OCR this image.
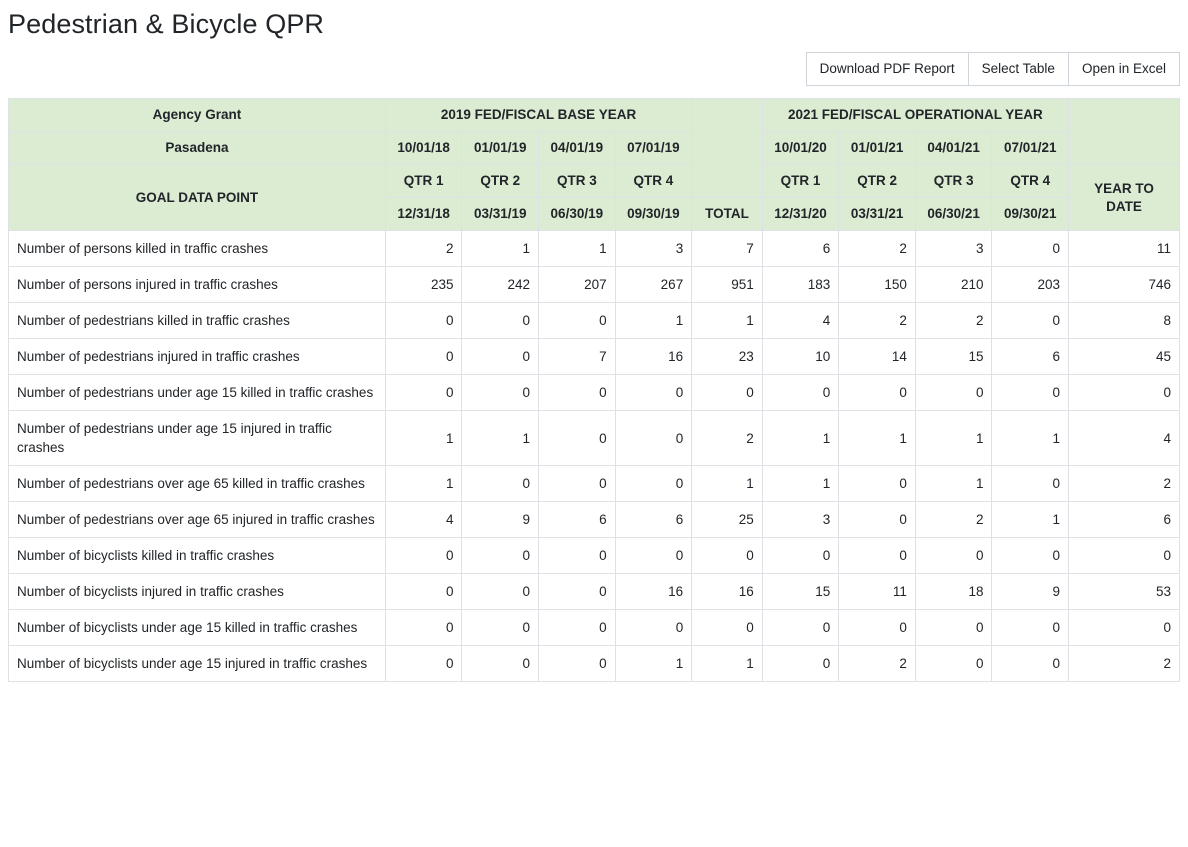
Pedestrian & Bicycle QPR
Download PDF Report	Select Table	Open in Excel
Agency Grant	2019 FED/FISCAL BASE YEAR					2021 FED/FISCAL OPERATIONAL YEAR				
Pasadena	10/01/18	01/01/19	04/01/19	07/01/19		10/01/20	01/01/21	04/01/21	07/01/21	
GOAL DATA POINT	QTR 1	QTR 2	QTR 3	QTR 4		QTR 1	QTR 2	QTR 3	QTR 4	YEAR TO DATE
	12/31/18	03/31/19	06/30/19	09/30/19	TOTAL	12/31/20	03/31/21	06/30/21	09/30/21	
Number of persons killed in traffic crashes	2	1	1	3	7	6	2	3	0	11
Number of persons injured in traffic crashes	235	242	207	267	951	183	150	210	203	746
Number of pedestrians killed in traffic crashes	0	0	0	1	1	4	2	2	0	8
Number of pedestrians injured in traffic crashes	0	0	7	16	23	10	14	15	6	45
Number of pedestrians under age 15 killed in traffic crashes	0	0	0	0	0	0	0	0	0	0
Number of pedestrians under age 15 injured in traffic crashes	1	1	0	0	2	1	1	1	1	4
Number of pedestrians over age 65 killed in traffic crashes	1	0	0	0	1	1	0	1	0	2
Number of pedestrians over age 65 injured in traffic crashes	4	9	6	6	25	3	0	2	1	6
Number of bicyclists killed in traffic crashes	0	0	0	0	0	0	0	0	0	0
Number of bicyclists injured in traffic crashes	0	0	0	16	16	15	11	18	9	53
Number of bicyclists under age 15 killed in traffic crashes	0	0	0	0	0	0	0	0	0	0
Number of bicyclists under age 15 injured in traffic crashes	0	0	0	1	1	0	2	0	0	2
